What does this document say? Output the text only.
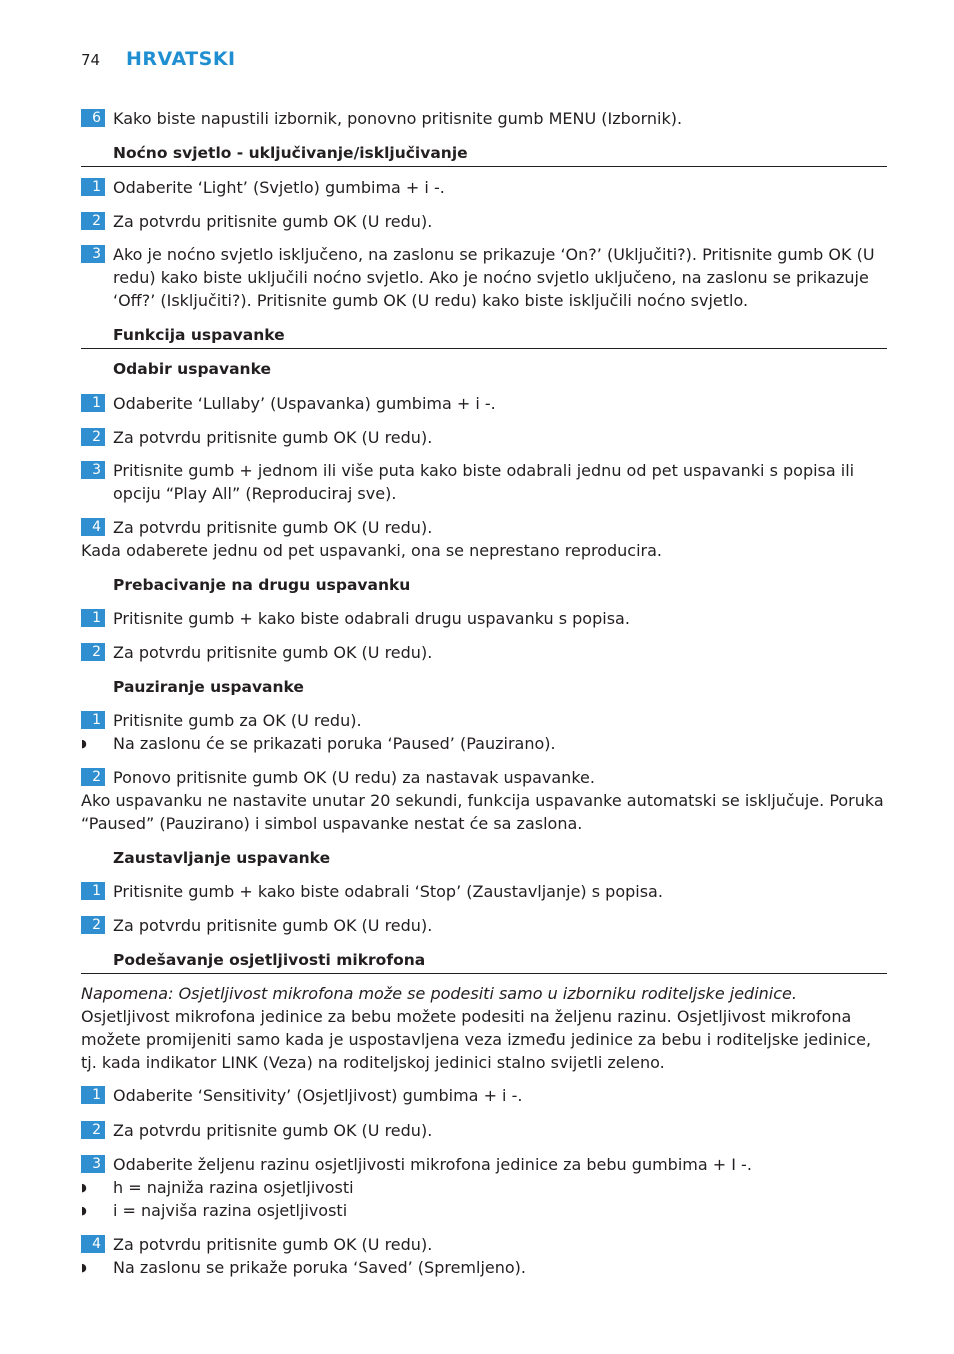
74	HRVATSKI
6 Kako biste napustili izbornik, ponovno pritisnite gumb MENU (Izbornik).
Noćno svjetlo - uključivanje/isključivanje
1 Odaberite ‘Light’ (Svjetlo) gumbima + i -.
2 Za potvrdu pritisnite gumb OK (U redu).
3 Ako je noćno svjetlo isključeno, na zaslonu se prikazuje ‘On?’ (Uključiti?). Pritisnite gumb OK (U redu) kako biste uključili noćno svjetlo. Ako je noćno svjetlo uključeno, na zaslonu se prikazuje ‘Off?’ (Isključiti?). Pritisnite gumb OK (U redu) kako biste isključili noćno svjetlo.
Funkcija uspavanke
Odabir uspavanke
1 Odaberite ‘Lullaby’ (Uspavanka) gumbima + i -.
2 Za potvrdu pritisnite gumb OK (U redu).
3 Pritisnite gumb + jednom ili više puta kako biste odabrali jednu od pet uspavanki s popisa ili opciju “Play All” (Reproduciraj sve).
4 Za potvrdu pritisnite gumb OK (U redu).
Kada odaberete jednu od pet uspavanki, ona se neprestano reproducira.
Prebacivanje na drugu uspavanku
1 Pritisnite gumb + kako biste odabrali drugu uspavanku s popisa.
2 Za potvrdu pritisnite gumb OK (U redu).
Pauziranje uspavanke
1 Pritisnite gumb za OK (U redu).
◗	Na zaslonu će se prikazati poruka ‘Paused’ (Pauzirano).
2 Ponovo pritisnite gumb OK (U redu) za nastavak uspavanke.
Ako uspavanku ne nastavite unutar 20 sekundi, funkcija uspavanke automatski se isključuje. Poruka “Paused” (Pauzirano) i simbol uspavanke nestat će sa zaslona.
Zaustavljanje uspavanke
1 Pritisnite gumb + kako biste odabrali ‘Stop’ (Zaustavljanje) s popisa.
2 Za potvrdu pritisnite gumb OK (U redu).
Podešavanje osjetljivosti mikrofona
Napomena: Osjetljivost mikrofona može se podesiti samo u izborniku roditeljske jedinice.
Osjetljivost mikrofona jedinice za bebu možete podesiti na željenu razinu. Osjetljivost mikrofona možete promijeniti samo kada je uspostavljena veza između jedinice za bebu i roditeljske jedinice, tj. kada indikator LINK (Veza) na roditeljskoj jedinici stalno svijetli zeleno.
1 Odaberite ‘Sensitivity’ (Osjetljivost) gumbima + i -.
2 Za potvrdu pritisnite gumb OK (U redu).
3 Odaberite željenu razinu osjetljivosti mikrofona jedinice za bebu gumbima + I -.
◗	h = najniža razina osjetljivosti
◗	i = najviša razina osjetljivosti
4 Za potvrdu pritisnite gumb OK (U redu).
◗	Na zaslonu se prikaže poruka ‘Saved’ (Spremljeno).
